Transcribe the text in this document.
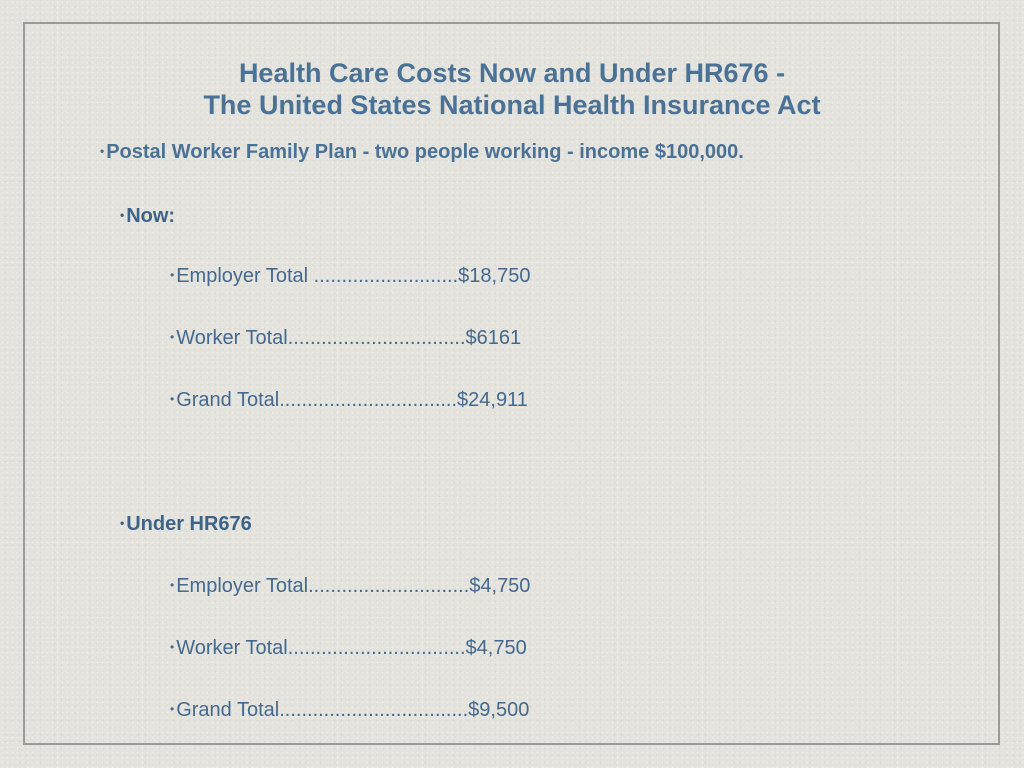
Health Care Costs Now and Under HR676 -
The United States National Health Insurance Act
• Postal Worker Family Plan - two people working - income $100,000.
• Now:
• Employer Total ..........................$18,750
• Worker Total................................$6161
• Grand Total................................$24,911
• Under HR676
• Employer Total.............................$4,750
• Worker Total................................$4,750
• Grand Total..................................$9,500
